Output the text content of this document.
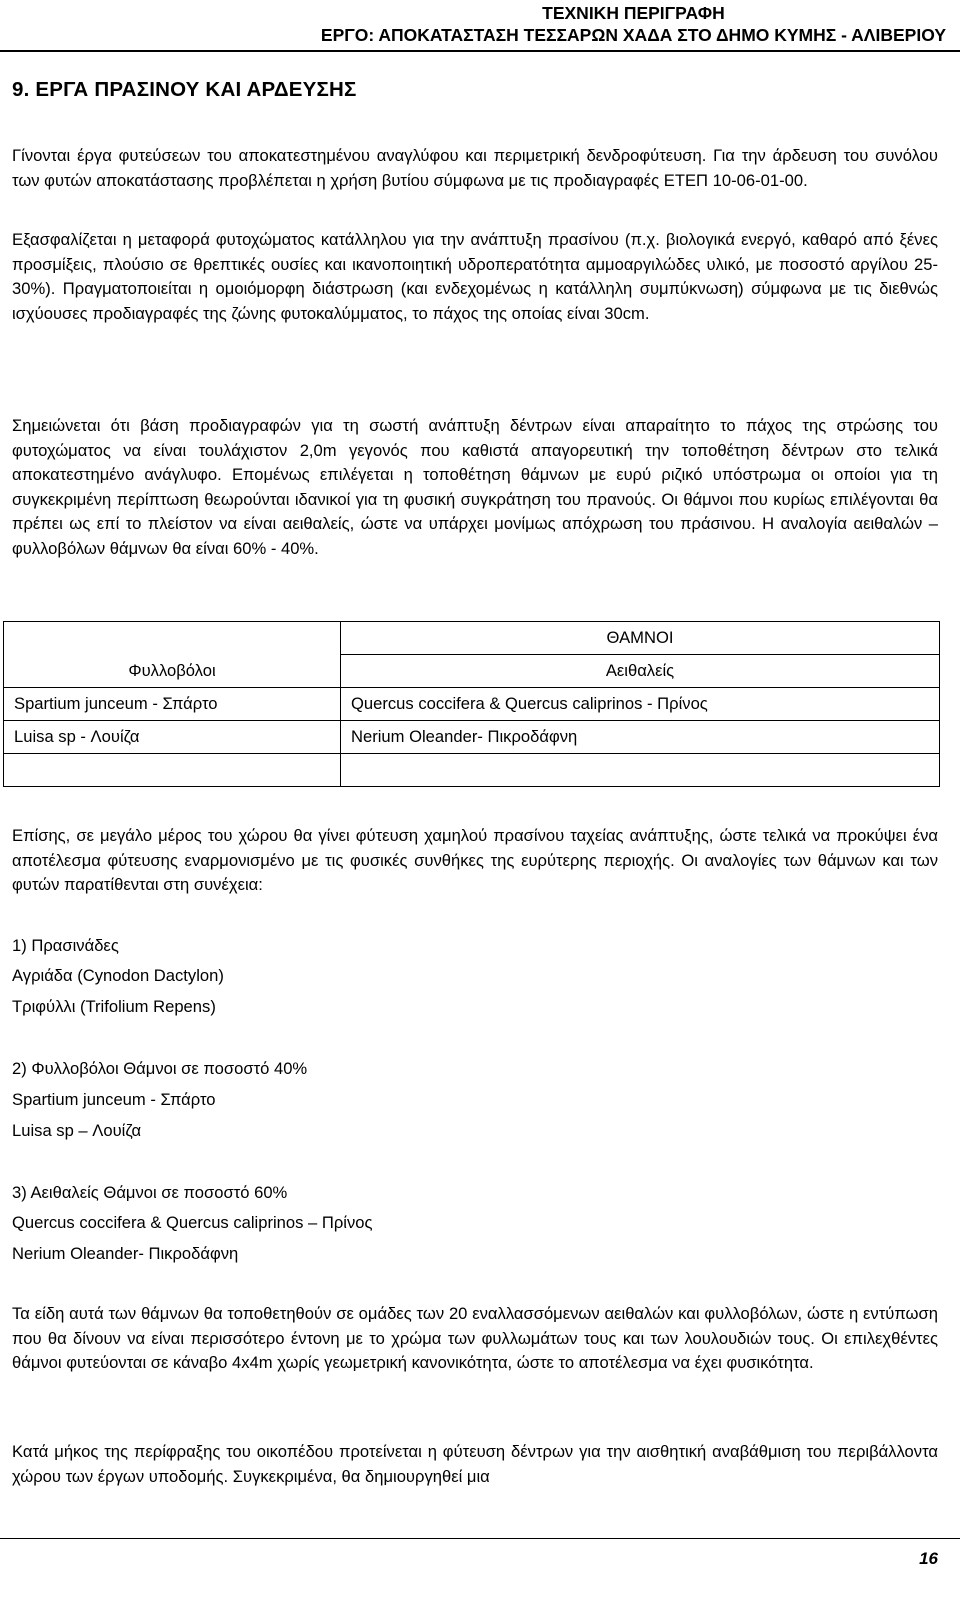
ΤΕΧΝΙΚΗ ΠΕΡΙΓΡΑΦΗ
ΕΡΓΟ: ΑΠΟΚΑΤΑΣΤΑΣΗ ΤΕΣΣΑΡΩΝ ΧΑΔΑ ΣΤΟ ΔΗΜΟ ΚΥΜΗΣ - ΑΛΙΒΕΡΙΟΥ
9. ΕΡΓΑ ΠΡΑΣΙΝΟΥ ΚΑΙ ΑΡΔΕΥΣΗΣ

Γίνονται έργα φυτεύσεων του αποκατεστημένου αναγλύφου και περιμετρική δενδροφύτευση. Για την άρδευση του συνόλου των φυτών αποκατάστασης προβλέπεται η χρήση βυτίου σύμφωνα με τις προδιαγραφές ΕΤΕΠ 10-06-01-00.

Εξασφαλίζεται η μεταφορά φυτοχώματος κατάλληλου για την ανάπτυξη πρασίνου (π.χ. βιολογικά ενεργό, καθαρό από ξένες προσμίξεις, πλούσιο σε θρεπτικές ουσίες και ικανοποιητική υδροπερατότητα αμμοαργιλώδες υλικό, με ποσοστό αργίλου 25-30%). Πραγματοποιείται η ομοιόμορφη διάστρωση (και ενδεχομένως η κατάλληλη συμπύκνωση) σύμφωνα με τις διεθνώς ισχύουσες προδιαγραφές της ζώνης φυτοκαλύμματος, το πάχος της οποίας είναι 30cm.

Σημειώνεται ότι βάση προδιαγραφών για τη σωστή ανάπτυξη δέντρων είναι απαραίτητο το πάχος της στρώσης του φυτοχώματος να είναι τουλάχιστον 2,0m γεγονός που καθιστά απαγορευτική την τοποθέτηση δέντρων στο τελικά αποκατεστημένο ανάγλυφο. Επομένως επιλέγεται η τοποθέτηση θάμνων με ευρύ ριζικό υπόστρωμα οι οποίοι για τη συγκεκριμένη περίπτωση θεωρούνται ιδανικοί για τη φυσική συγκράτηση του πρανούς. Οι θάμνοι που κυρίως επιλέγονται θα πρέπει ως επί το πλείστον να είναι αειθαλείς, ώστε να υπάρχει μονίμως απόχρωση του πράσινου. Η αναλογία αειθαλών – φυλλοβόλων θάμνων θα είναι 60% - 40%.

	ΘΑΜΝΟΙ
Φυλλοβόλοι	Αειθαλείς
Spartium junceum - Σπάρτο	Quercus coccifera & Quercus caliprinos - Πρίνος
Luisa sp - Λουίζα	Nerium Oleander- Πικροδάφνη

Επίσης, σε μεγάλο μέρος του χώρου θα γίνει φύτευση χαμηλού πρασίνου ταχείας ανάπτυξης, ώστε τελικά να προκύψει ένα αποτέλεσμα φύτευσης εναρμονισμένο με τις φυσικές συνθήκες της ευρύτερης περιοχής. Οι αναλογίες των θάμνων και των φυτών παρατίθενται στη συνέχεια:

1) Πρασινάδες
Αγριάδα (Cynodon Dactylon)
Τριφύλλι (Trifolium Repens)
2) Φυλλοβόλοι Θάμνοι σε ποσοστό 40%
Spartium junceum - Σπάρτο
Luisa sp – Λουίζα
3) Αειθαλείς Θάμνοι σε ποσοστό 60%
Quercus coccifera & Quercus caliprinos – Πρίνος
Nerium Oleander- Πικροδάφνη

Τα είδη αυτά των θάμνων θα τοποθετηθούν σε ομάδες των 20 εναλλασσόμενων αειθαλών και φυλλοβόλων, ώστε η εντύπωση που θα δίνουν να είναι περισσότερο έντονη με το χρώμα των φυλλωμάτων τους και των λουλουδιών τους. Οι επιλεχθέντες θάμνοι φυτεύονται σε κάναβο 4x4m χωρίς γεωμετρική κανονικότητα, ώστε το αποτέλεσμα να έχει φυσικότητα.

Κατά μήκος της περίφραξης του οικοπέδου προτείνεται η φύτευση δέντρων για την αισθητική αναβάθμιση του περιβάλλοντα χώρου των έργων υποδομής. Συγκεκριμένα, θα δημιουργηθεί μια

16
